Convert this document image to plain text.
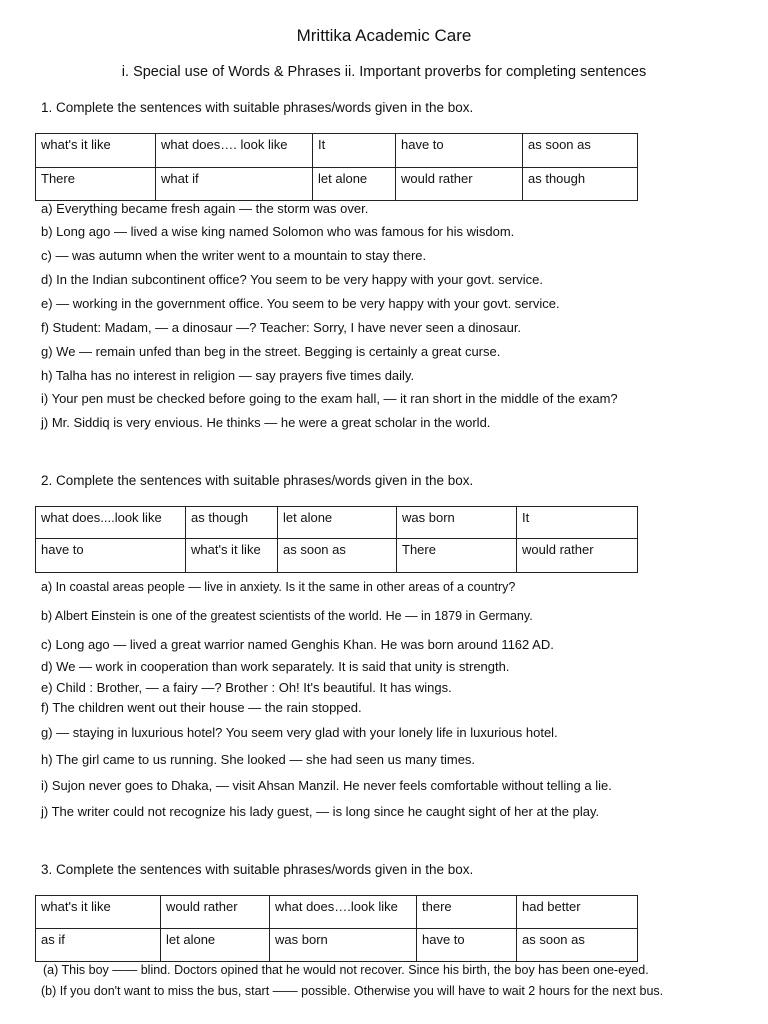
Mrittika Academic Care
i. Special use of Words & Phrases ii. Important proverbs for completing sentences
1. Complete the sentences with suitable phrases/words given in the box.
what's it like	what does…. look like	It	have to	as soon as
There	what if	let alone	would rather	as though
a) Everything became fresh again — the storm was over.
b) Long ago — lived a wise king named Solomon who was famous for his wisdom.
c) — was autumn when the writer went to a mountain to stay there.
d) In the Indian subcontinent office? You seem to be very happy with your govt. service.
e) — working in the government office. You seem to be very happy with your govt. service.
f) Student: Madam, — a dinosaur —? Teacher: Sorry, I have never seen a dinosaur.
g) We — remain unfed than beg in the street. Begging is certainly a great curse.
h) Talha has no interest in religion — say prayers five times daily.
i) Your pen must be checked before going to the exam hall, — it ran short in the middle of the exam?
j) Mr. Siddiq is very envious. He thinks — he were a great scholar in the world.
2. Complete the sentences with suitable phrases/words given in the box.
what does....look like	as though	let alone	was born	It
have to	what's it like	as soon as	There	would rather
a) In coastal areas people — live in anxiety. Is it the same in other areas of a country?
b) Albert Einstein is one of the greatest scientists of the world. He — in 1879 in Germany.
c) Long ago — lived a great warrior named Genghis Khan. He was born around 1162 AD.
d) We — work in cooperation than work separately. It is said that unity is strength.
e) Child : Brother, — a fairy —? Brother : Oh! It's beautiful. It has wings.
f) The children went out their house — the rain stopped.
g) — staying in luxurious hotel? You seem very glad with your lonely life in luxurious hotel.
h) The girl came to us running. She looked — she had seen us many times.
i) Sujon never goes to Dhaka, — visit Ahsan Manzil. He never feels comfortable without telling a lie.
j) The writer could not recognize his lady guest, — is long since he caught sight of her at the play.
3. Complete the sentences with suitable phrases/words given in the box.
what's it like	would rather	what does….look like	there	had better
as if	let alone	was born	have to	as soon as
(a) This boy —— blind. Doctors opined that he would not recover. Since his birth, the boy has been one-eyed.
(b) If you don't want to miss the bus, start —— possible. Otherwise you will have to wait 2 hours for the next bus.
